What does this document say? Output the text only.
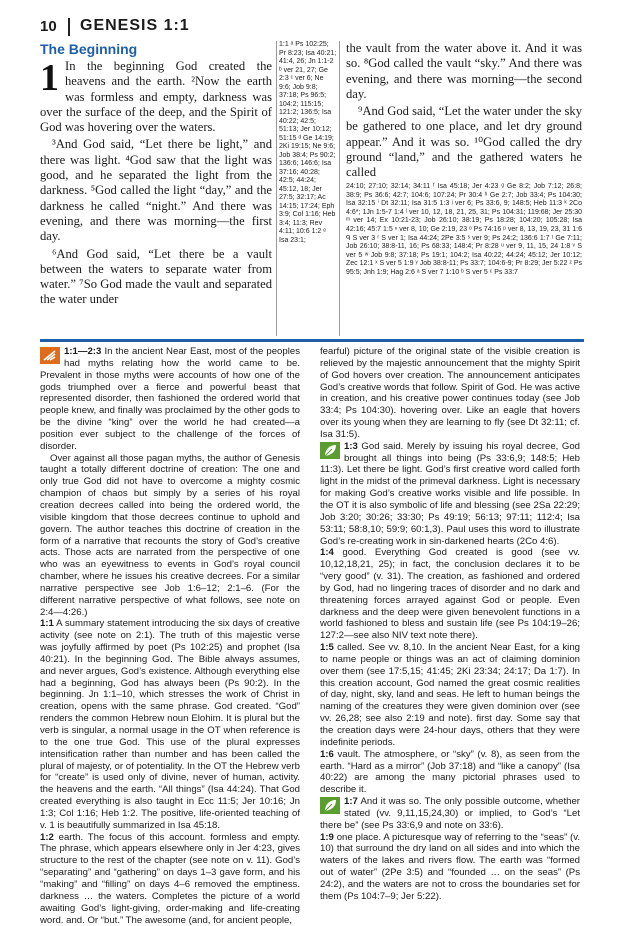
10 GENESIS 1:1
The Beginning

1 In the beginning God created the heavens and the earth. ²Now the earth was formless and empty, darkness was over the surface of the deep, and the Spirit of God was hovering over the waters.

³And God said, “Let there be light,” and there was light. ⁴God saw that the light was good, and he separated the light from the darkness. ⁵God called the light “day,” and the darkness he called “night.” And there was evening, and there was morning—the first day.

⁶And God said, “Let there be a vault between the waters to separate water from water.” ⁷So God made the vault and separated the water under

1:1 ᵃ Ps 102:25; Pr 8:23; Isa 40:21; 41:4, 26; Jn 1:1-2 ᵇ ver 21, 27; Ge 2:3 ᶜ ver 6; Ne 9:6; Job 9:8; 37:18; Ps 96:5; 104:2; 115:15; 121:2; 136:5; Isa 40:22; 42:5; 51:13; Jer 10:12; 51:15 ᵈ Ge 14:19; 2Ki 19:15; Ne 9:6; Job 38:4; Ps 90:2; 136:6; 146:6; Isa 37:16; 40:28; 42:5; 44:24; 45:12, 18; Jer 27:5; 32:17; Ac 14:15; 17:24; Eph 3:9; Col 1:16; Heb 3:4; 11:3; Rev 4:11; 10:6 1:2 ᵉ Isa 23:1;

the vault from the water above it. And it was so. ⁸God called the vault “sky.” And there was evening, and there was morning—the second day.

⁹And God said, “Let the water under the sky be gathered to one place, and let dry ground appear.” And it was so. ¹⁰God called the dry ground “land,” and the gathered waters he called

24:10; 27:10; 32:14; 34:11 ᶠ Isa 45:18; Jer 4:23 ᵍ Ge 8:2; Job 7:12; 26:8; 38:9; Ps 36:6; 42:7; 104:6; 107:24; Pr 30:4 ʰ Ge 2:7; Job 33:4; Ps 104:30; Isa 32:15 ⁱ Dt 32:11; Isa 31:5 1:3 ʲ ver 6; Ps 33:6, 9; 148:5; Heb 11:3 ᵏ 2Co 4:6*; 1Jn 1:5-7 1:4 ˡ ver 10, 12, 18, 21, 25, 31; Ps 104:31; 119:68; Jer 25:30 ᵐ ver 14; Ex 10:21-23; Job 26:10; 38:19; Ps 18:28; 104:20; 105:28; Isa 42:16; 45:7 1:5 ⁿ ver 8, 10; Ge 2:19, 23 ᵒ Ps 74:16 ᵖ ver 8, 13, 19, 23, 31 1:6 ᑫ S ver 3 ʳ S ver 1; Isa 44:24; 2Pe 3:5 ˢ ver 9; Ps 24:2; 136:6 1:7 ᵗ Ge 7:11; Job 26:10; 38:8-11, 16; Ps 68:33; 148:4; Pr 8:28 ᵘ ver 9, 11, 15, 24 1:8 ᵛ S ver 5 ʷ Job 9:8; 37:18; Ps 19:1; 104:2; Isa 40:22; 44:24; 45:12; Jer 10:12; Zec 12:1 ˣ S ver 5 1:9 ʸ Job 38:8-11; Ps 33:7; 104:6-9; Pr 8:29; Jer 5:22 ᶻ Ps 95:5; Jnh 1:9; Hag 2:6 ᵃ S ver 7 1:10 ᵇ S ver 5 ᶜ Ps 33:7

1:1—2:3 In the ancient Near East, most of the peoples had myths relating how the world came to be. Prevalent in those myths were accounts of how one of the gods triumphed over a fierce and powerful beast that represented disorder, then fashioned the ordered world that people knew, and finally was proclaimed by the other gods to be the divine “king” over the world he had created—a position ever subject to the challenge of the forces of disorder.

Over against all those pagan myths, the author of Genesis taught a totally different doctrine of creation: The one and only true God did not have to overcome a mighty cosmic champion of chaos but simply by a series of his royal creation decrees called into being the ordered world, the visible kingdom that those decrees continue to uphold and govern. The author teaches this doctrine of creation in the form of a narrative that recounts the story of God’s creative acts. Those acts are narrated from the perspective of one who was an eyewitness to events in God’s royal council chamber, where he issues his creative decrees. For a similar narrative perspective see Job 1:6–12; 2:1–6. (For the different narrative perspective of what follows, see note on 2:4—4:26.)

1:1 A summary statement introducing the six days of creative activity (see note on 2:1). The truth of this majestic verse was joyfully affirmed by poet (Ps 102:25) and prophet (Isa 40:21). In the beginning God. The Bible always assumes, and never argues, God’s existence. Although everything else had a beginning, God has always been (Ps 90:2). In the beginning. Jn 1:1–10, which stresses the work of Christ in creation, opens with the same phrase. God created. “God” renders the common Hebrew noun Elohim. It is plural but the verb is singular, a normal usage in the OT when reference is to the one true God. This use of the plural expresses intensification rather than number and has been called the plural of majesty, or of potentiality. In the OT the Hebrew verb for “create” is used only of divine, never of human, activity. the heavens and the earth. “All things” (Isa 44:24). That God created everything is also taught in Ecc 11:5; Jer 10:16; Jn 1:3; Col 1:16; Heb 1:2. The positive, life-oriented teaching of v. 1 is beautifully summarized in Isa 45:18.

1:2 earth. The focus of this account. formless and empty. The phrase, which appears elsewhere only in Jer 4:23, gives structure to the rest of the chapter (see note on v. 11). God’s “separating” and “gathering” on days 1–3 gave form, and his “making” and “filling” on days 4–6 removed the emptiness. darkness … the waters. Completes the picture of a world awaiting God’s light-giving, order-making and life-creating word. and. Or “but.” The awesome (and, for ancient people,

fearful) picture of the original state of the visible creation is relieved by the majestic announcement that the mighty Spirit of God hovers over creation. The announcement anticipates God’s creative words that follow. Spirit of God. He was active in creation, and his creative power continues today (see Job 33:4; Ps 104:30). hovering over. Like an eagle that hovers over its young when they are learning to fly (see Dt 32:11; cf. Isa 31:5).

1:3 God said. Merely by issuing his royal decree, God brought all things into being (Ps 33:6,9; 148:5; Heb 11:3). Let there be light. God’s first creative word called forth light in the midst of the primeval darkness. Light is necessary for making God’s creative works visible and life possible. In the OT it is also symbolic of life and blessing (see 2Sa 22:29; Job 3:20; 30:26; 33:30; Ps 49:19; 56:13; 97:11; 112:4; Isa 53:11; 58:8,10; 59:9; 60:1,3). Paul uses this word to illustrate God’s re-creating work in sin-darkened hearts (2Co 4:6).

1:4 good. Everything God created is good (see vv. 10,12,18,21, 25); in fact, the conclusion declares it to be “very good” (v. 31). The creation, as fashioned and ordered by God, had no lingering traces of disorder and no dark and threatening forces arrayed against God or people. Even darkness and the deep were given benevolent functions in a world fashioned to bless and sustain life (see Ps 104:19–26; 127:2—see also NIV text note there).

1:5 called. See vv. 8,10. In the ancient Near East, for a king to name people or things was an act of claiming dominion over them (see 17:5,15; 41:45; 2Ki 23:34; 24:17; Da 1:7). In this creation account, God named the great cosmic realities of day, night, sky, land and seas. He left to human beings the naming of the creatures they were given dominion over (see vv. 26,28; see also 2:19 and note). first day. Some say that the creation days were 24-hour days, others that they were indefinite periods.

1:6 vault. The atmosphere, or “sky” (v. 8), as seen from the earth. “Hard as a mirror” (Job 37:18) and “like a canopy” (Isa 40:22) are among the many pictorial phrases used to describe it.

1:7 And it was so. The only possible outcome, whether stated (vv. 9,11,15,24,30) or implied, to God’s “Let there be” (see Ps 33:6,9 and note on 33:6).

1:9 one place. A picturesque way of referring to the “seas” (v. 10) that surround the dry land on all sides and into which the waters of the lakes and rivers flow. The earth was “formed out of water” (2Pe 3:5) and “founded … on the seas” (Ps 24:2), and the waters are not to cross the boundaries set for them (Ps 104:7–9; Jer 5:22).
